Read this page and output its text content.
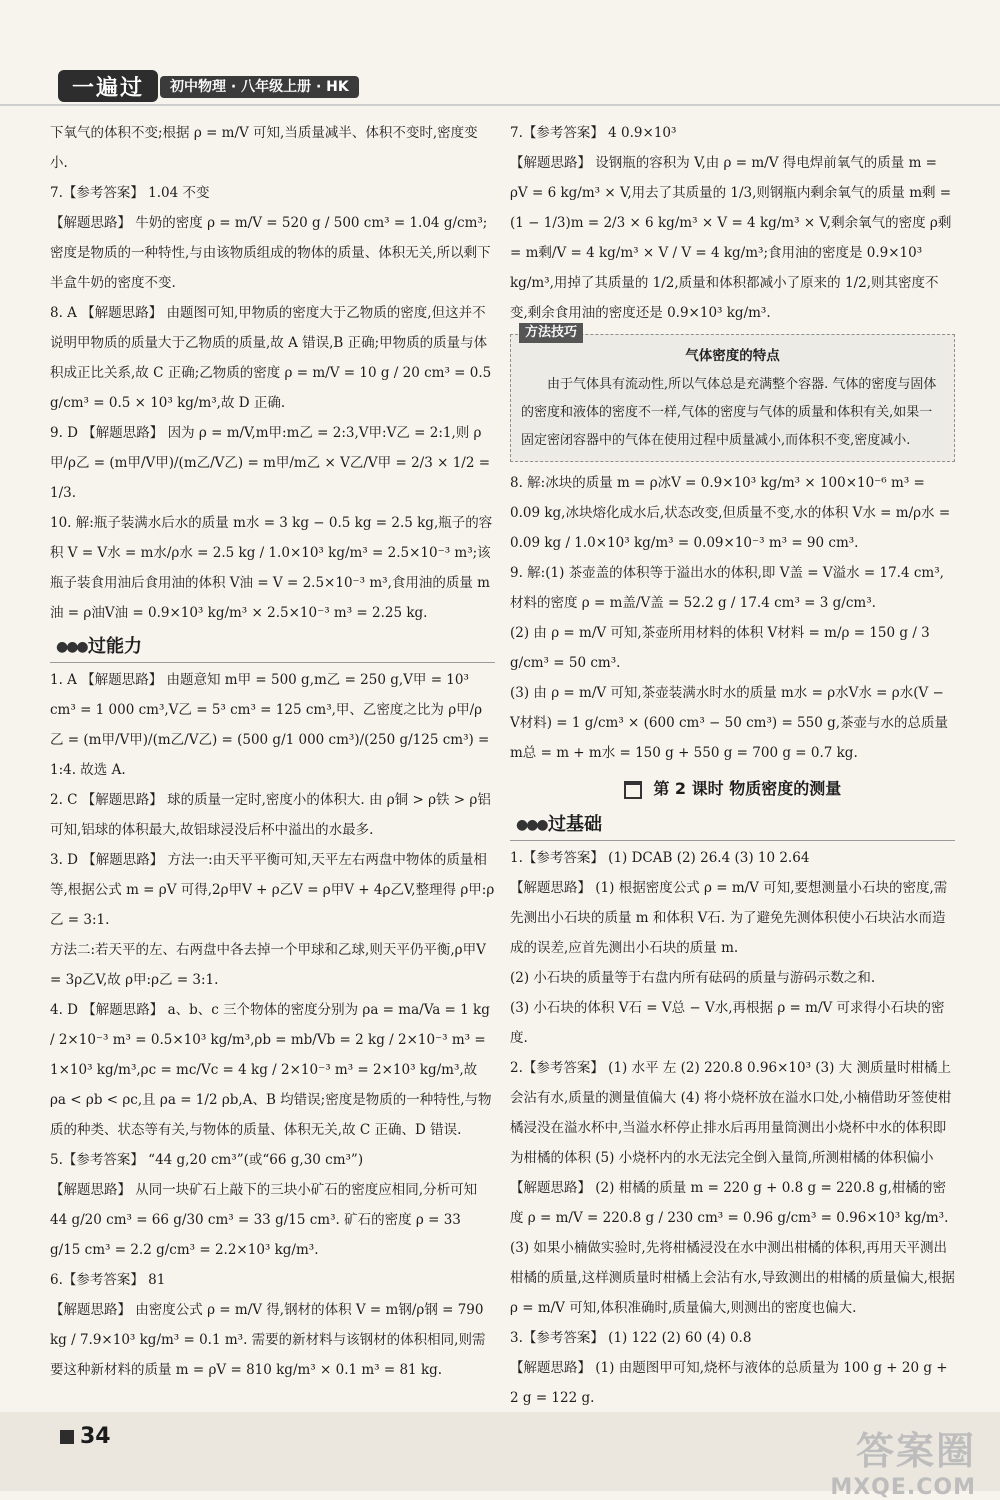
一遍过	初中物理 · 八年级上册 · HK

下氧气的体积不变;根据 ρ = m/V 可知,当质量减半、体积不变时,密度变小.

7.【参考答案】 1.04 不变

【解题思路】 牛奶的密度 ρ = m/V = 520 g / 500 cm³ = 1.04 g/cm³;密度是物质的一种特性,与由该物质组成的物体的质量、体积无关,所以剩下半盒牛奶的密度不变.

8. A 【解题思路】 由题图可知,甲物质的密度大于乙物质的密度,但这并不说明甲物质的质量大于乙物质的质量,故 A 错误,B 正确;甲物质的质量与体积成正比关系,故 C 正确;乙物质的密度 ρ = m/V = 10 g / 20 cm³ = 0.5 g/cm³ = 0.5 × 10³ kg/m³,故 D 正确.

9. D 【解题思路】 因为 ρ = m/V,m甲:m乙 = 2:3,V甲:V乙 = 2:1,则 ρ甲/ρ乙 = (m甲/V甲)/(m乙/V乙) = m甲/m乙 × V乙/V甲 = 2/3 × 1/2 = 1/3.

10. 解:瓶子装满水后水的质量 m水 = 3 kg − 0.5 kg = 2.5 kg,瓶子的容积 V = V水 = m水/ρ水 = 2.5 kg / 1.0×10³ kg/m³ = 2.5×10⁻³ m³;该瓶子装食用油后食用油的体积 V油 = V = 2.5×10⁻³ m³,食用油的质量 m油 = ρ油V油 = 0.9×10³ kg/m³ × 2.5×10⁻³ m³ = 2.25 kg.

●●● 过能力

1. A 【解题思路】 由题意知 m甲 = 500 g,m乙 = 250 g,V甲 = 10³ cm³ = 1 000 cm³,V乙 = 5³ cm³ = 125 cm³,甲、乙密度之比为 ρ甲/ρ乙 = (m甲/V甲)/(m乙/V乙) = (500 g/1 000 cm³)/(250 g/125 cm³) = 1:4. 故选 A.

2. C 【解题思路】 球的质量一定时,密度小的体积大. 由 ρ铜 > ρ铁 > ρ铝 可知,铝球的体积最大,故铝球浸没后杯中溢出的水最多.

3. D 【解题思路】 方法一:由天平平衡可知,天平左右两盘中物体的质量相等,根据公式 m = ρV 可得,2ρ甲V + ρ乙V = ρ甲V + 4ρ乙V,整理得 ρ甲:ρ乙 = 3:1.

方法二:若天平的左、右两盘中各去掉一个甲球和乙球,则天平仍平衡,ρ甲V = 3ρ乙V,故 ρ甲:ρ乙 = 3:1.

4. D 【解题思路】 a、b、c 三个物体的密度分别为 ρa = ma/Va = 1 kg / 2×10⁻³ m³ = 0.5×10³ kg/m³,ρb = mb/Vb = 2 kg / 2×10⁻³ m³ = 1×10³ kg/m³,ρc = mc/Vc = 4 kg / 2×10⁻³ m³ = 2×10³ kg/m³,故 ρa < ρb < ρc,且 ρa = 1/2 ρb,A、B 均错误;密度是物质的一种特性,与物质的种类、状态等有关,与物体的质量、体积无关,故 C 正确、D 错误.

5.【参考答案】 “44 g,20 cm³”(或“66 g,30 cm³”)

【解题思路】 从同一块矿石上敲下的三块小矿石的密度应相同,分析可知 44 g/20 cm³ = 66 g/30 cm³ = 33 g/15 cm³. 矿石的密度 ρ = 33 g/15 cm³ = 2.2 g/cm³ = 2.2×10³ kg/m³.

6.【参考答案】 81

【解题思路】 由密度公式 ρ = m/V 得,钢材的体积 V = m钢/ρ钢 = 790 kg / 7.9×10³ kg/m³ = 0.1 m³. 需要的新材料与该钢材的体积相同,则需要这种新材料的质量 m = ρV = 810 kg/m³ × 0.1 m³ = 81 kg.

7.【参考答案】 4 0.9×10³

【解题思路】 设钢瓶的容积为 V,由 ρ = m/V 得电焊前氧气的质量 m = ρV = 6 kg/m³ × V,用去了其质量的 1/3,则钢瓶内剩余氧气的质量 m剩 = (1 − 1/3)m = 2/3 × 6 kg/m³ × V = 4 kg/m³ × V,剩余氧气的密度 ρ剩 = m剩/V = 4 kg/m³ × V / V = 4 kg/m³;食用油的密度是 0.9×10³ kg/m³,用掉了其质量的 1/2,质量和体积都减小了原来的 1/2,则其密度不变,剩余食用油的密度还是 0.9×10³ kg/m³.

方法技巧
气体密度的特点
由于气体具有流动性,所以气体总是充满整个容器. 气体的密度与固体的密度和液体的密度不一样,气体的密度与气体的质量和体积有关,如果一固定密闭容器中的气体在使用过程中质量减小,而体积不变,密度减小.

8. 解:冰块的质量 m = ρ冰V = 0.9×10³ kg/m³ × 100×10⁻⁶ m³ = 0.09 kg,冰块熔化成水后,状态改变,但质量不变,水的体积 V水 = m/ρ水 = 0.09 kg / 1.0×10³ kg/m³ = 0.09×10⁻³ m³ = 90 cm³.

9. 解:(1) 茶壶盖的体积等于溢出水的体积,即 V盖 = V溢水 = 17.4 cm³,材料的密度 ρ = m盖/V盖 = 52.2 g / 17.4 cm³ = 3 g/cm³.

(2) 由 ρ = m/V 可知,茶壶所用材料的体积 V材料 = m/ρ = 150 g / 3 g/cm³ = 50 cm³.

(3) 由 ρ = m/V 可知,茶壶装满水时水的质量 m水 = ρ水V水 = ρ水(V − V材料) = 1 g/cm³ × (600 cm³ − 50 cm³) = 550 g,茶壶与水的总质量 m总 = m + m水 = 150 g + 550 g = 700 g = 0.7 kg.

第 2 课时 物质密度的测量
●●● 过基础

1.【参考答案】 (1) DCAB (2) 26.4 (3) 10 2.64

【解题思路】 (1) 根据密度公式 ρ = m/V 可知,要想测量小石块的密度,需先测出小石块的质量 m 和体积 V石. 为了避免先测体积使小石块沾水而造成的误差,应首先测出小石块的质量 m.

(2) 小石块的质量等于右盘内所有砝码的质量与游码示数之和.

(3) 小石块的体积 V石 = V总 − V水,再根据 ρ = m/V 可求得小石块的密度.

2.【参考答案】 (1) 水平 左 (2) 220.8 0.96×10³ (3) 大 测质量时柑橘上会沾有水,质量的测量值偏大 (4) 将小烧杯放在溢水口处,小楠借助牙签使柑橘浸没在溢水杯中,当溢水杯停止排水后再用量筒测出小烧杯中水的体积即为柑橘的体积 (5) 小烧杯内的水无法完全倒入量筒,所测柑橘的体积偏小

【解题思路】 (2) 柑橘的质量 m = 220 g + 0.8 g = 220.8 g,柑橘的密度 ρ = m/V = 220.8 g / 230 cm³ = 0.96 g/cm³ = 0.96×10³ kg/m³.

(3) 如果小楠做实验时,先将柑橘浸没在水中测出柑橘的体积,再用天平测出柑橘的质量,这样测质量时柑橘上会沾有水,导致测出的柑橘的质量偏大,根据 ρ = m/V 可知,体积准确时,质量偏大,则测出的密度也偏大.

3.【参考答案】 (1) 122 (2) 60 (4) 0.8

【解题思路】 (1) 由题图甲可知,烧杯与液体的总质量为 100 g + 20 g + 2 g = 122 g.

34	答案圈
MXQE.COM
